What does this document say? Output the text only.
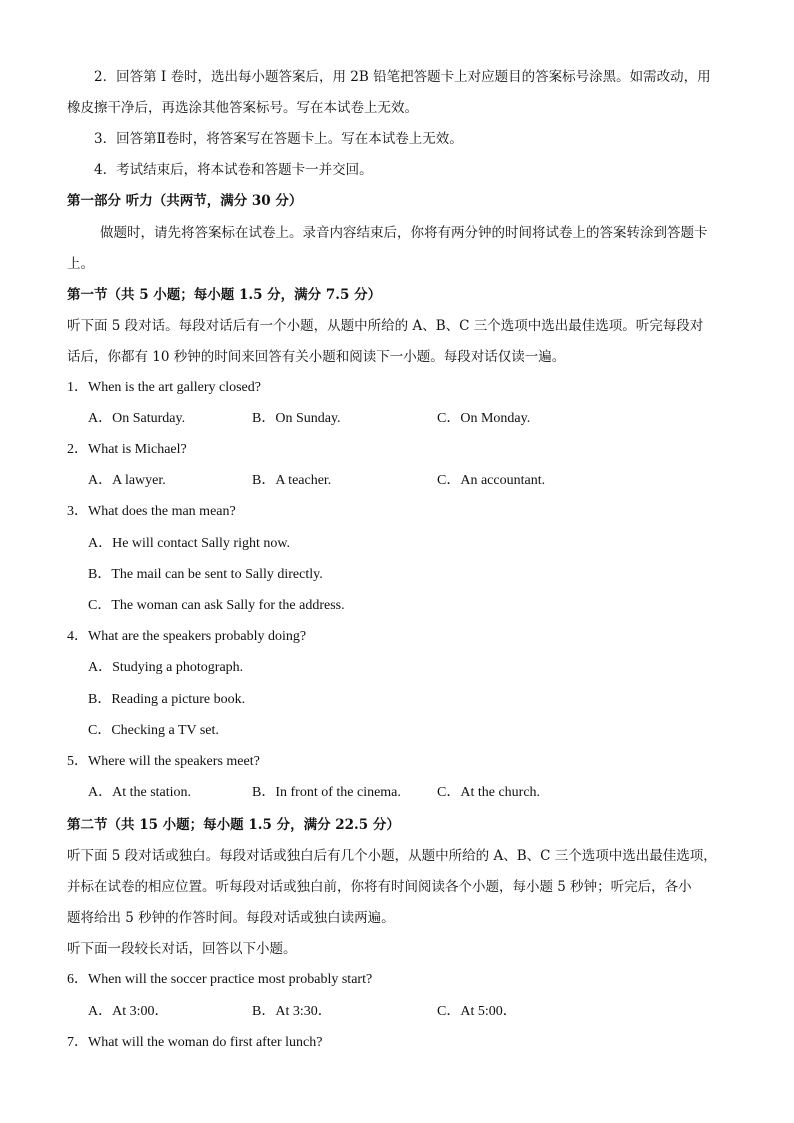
2．回答第 I 卷时，选出每小题答案后，用 2B 铅笔把答题卡上对应题目的答案标号涂黑。如需改动，用
橡皮擦干净后，再选涂其他答案标号。写在本试卷上无效。
3．回答第Ⅱ卷时，将答案写在答题卡上。写在本试卷上无效。
4．考试结束后，将本试卷和答题卡一并交回。
第一部分 听力（共两节，满分 30 分）
做题时，请先将答案标在试卷上。录音内容结束后，你将有两分钟的时间将试卷上的答案转涂到答题卡
上。
第一节（共 5 小题；每小题 1.5 分，满分 7.5 分）
听下面 5 段对话。每段对话后有一个小题，从题中所给的 A、B、C 三个选项中选出最佳选项。听完每段对
话后，你都有 10 秒钟的时间来回答有关小题和阅读下一小题。每段对话仅读一遍。
1．When is the art gallery closed?
A．On Saturday.	B．On Sunday.	C．On Monday.
2．What is Michael?
A．A lawyer.	B．A teacher.	C．An accountant.
3．What does the man mean?
A．He will contact Sally right now.
B．The mail can be sent to Sally directly.
C．The woman can ask Sally for the address.
4．What are the speakers probably doing?
A．Studying a photograph.
B．Reading a picture book.
C．Checking a TV set.
5．Where will the speakers meet?
A．At the station.	B．In front of the cinema.	C．At the church.
第二节（共 15 小题；每小题 1.5 分，满分 22.5 分）
听下面 5 段对话或独白。每段对话或独白后有几个小题，从题中所给的 A、B、C 三个选项中选出最佳选项，
并标在试卷的相应位置。听每段对话或独白前，你将有时间阅读各个小题，每小题 5 秒钟；听完后，各小
题将给出 5 秒钟的作答时间。每段对话或独白读两遍。
听下面一段较长对话，回答以下小题。
6．When will the soccer practice most probably start?
A．At 3:00．	B．At 3:30．	C．At 5:00．
7．What will the woman do first after lunch?
